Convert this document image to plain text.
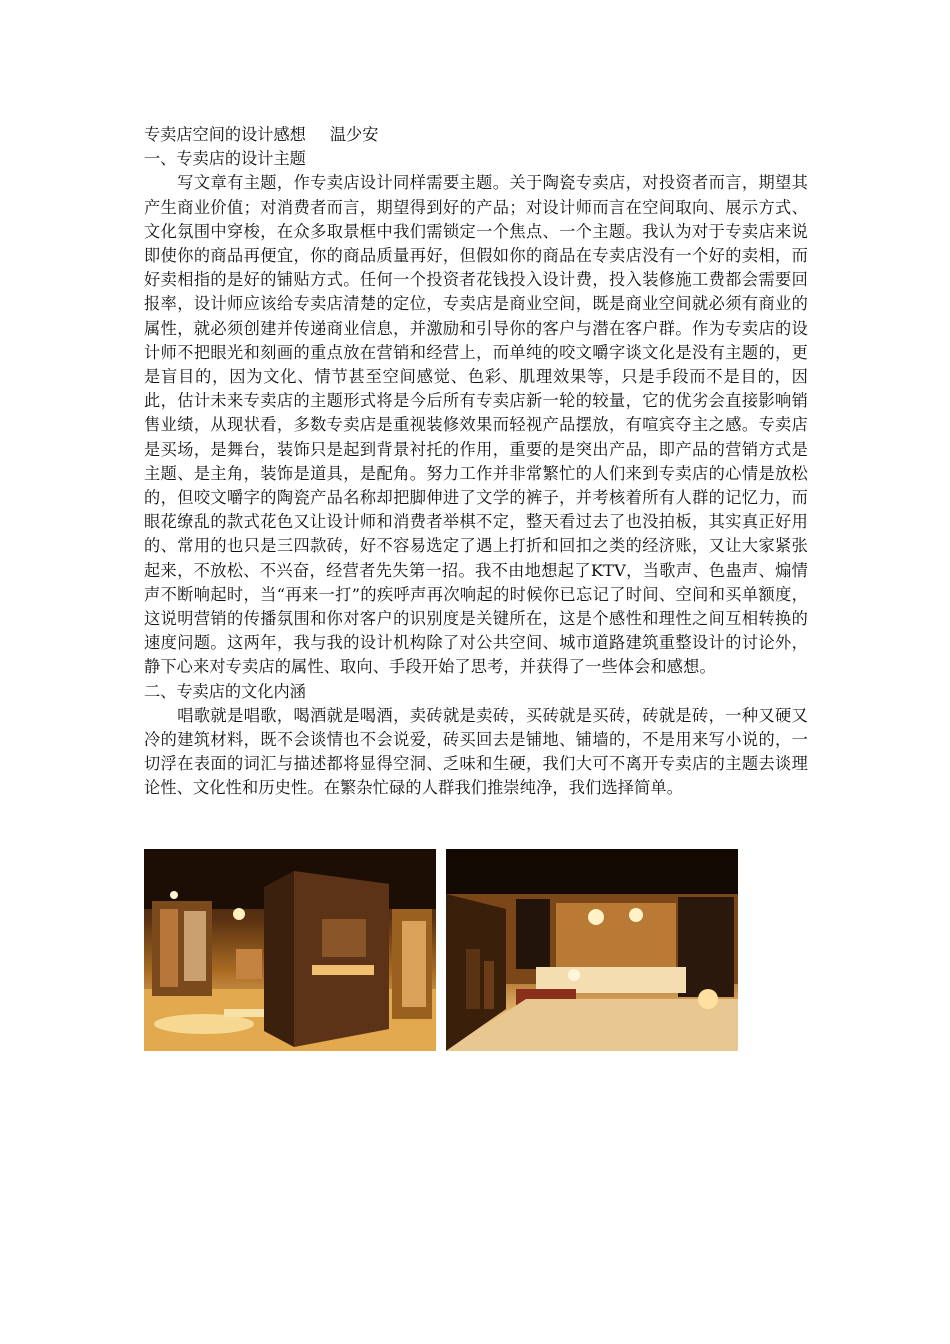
专卖店空间的设计感想 温少安
一、专卖店的设计主题

写文章有主题，作专卖店设计同样需要主题。关于陶瓷专卖店，对投资者而言，期望其产生商业价值；对消费者而言，期望得到好的产品；对设计师而言在空间取向、展示方式、文化氛围中穿梭，在众多取景框中我们需锁定一个焦点、一个主题。我认为对于专卖店来说即使你的商品再便宜，你的商品质量再好，但假如你的商品在专卖店没有一个好的卖相，而好卖相指的是好的铺贴方式。任何一个投资者花钱投入设计费，投入装修施工费都会需要回报率，设计师应该给专卖店清楚的定位，专卖店是商业空间，既是商业空间就必须有商业的属性，就必须创建并传递商业信息，并激励和引导你的客户与潜在客户群。作为专卖店的设计师不把眼光和刻画的重点放在营销和经营上，而单纯的咬文嚼字谈文化是没有主题的，更是盲目的，因为文化、情节甚至空间感觉、色彩、肌理效果等，只是手段而不是目的，因此，估计未来专卖店的主题形式将是今后所有专卖店新一轮的较量，它的优劣会直接影响销售业绩，从现状看，多数专卖店是重视装修效果而轻视产品摆放，有喧宾夺主之感。专卖店是买场，是舞台，装饰只是起到背景衬托的作用，重要的是突出产品，即产品的营销方式是主题、是主角，装饰是道具，是配角。努力工作并非常繁忙的人们来到专卖店的心情是放松的，但咬文嚼字的陶瓷产品名称却把脚伸进了文学的裤子，并考核着所有人群的记忆力，而眼花缭乱的款式花色又让设计师和消费者举棋不定，整天看过去了也没拍板，其实真正好用的、常用的也只是三四款砖，好不容易选定了遇上打折和回扣之类的经济账，又让大家紧张起来，不放松、不兴奋，经营者先失第一招。我不由地想起了KTV，当歌声、色蛊声、煽情声不断响起时，当“再来一打”的疾呼声再次响起的时候你已忘记了时间、空间和买单额度，这说明营销的传播氛围和你对客户的识别度是关键所在，这是个感性和理性之间互相转换的速度问题。这两年，我与我的设计机构除了对公共空间、城市道路建筑重整设计的讨论外，静下心来对专卖店的属性、取向、手段开始了思考，并获得了一些体会和感想。

二、专卖店的文化内涵

唱歌就是唱歌，喝酒就是喝酒，卖砖就是卖砖，买砖就是买砖，砖就是砖，一种又硬又冷的建筑材料，既不会谈情也不会说爱，砖买回去是铺地、铺墙的，不是用来写小说的，一切浮在表面的词汇与描述都将显得空洞、乏味和生硬，我们大可不离开专卖店的主题去谈理论性、文化性和历史性。在繁杂忙碌的人群我们推崇纯净，我们选择简单。
